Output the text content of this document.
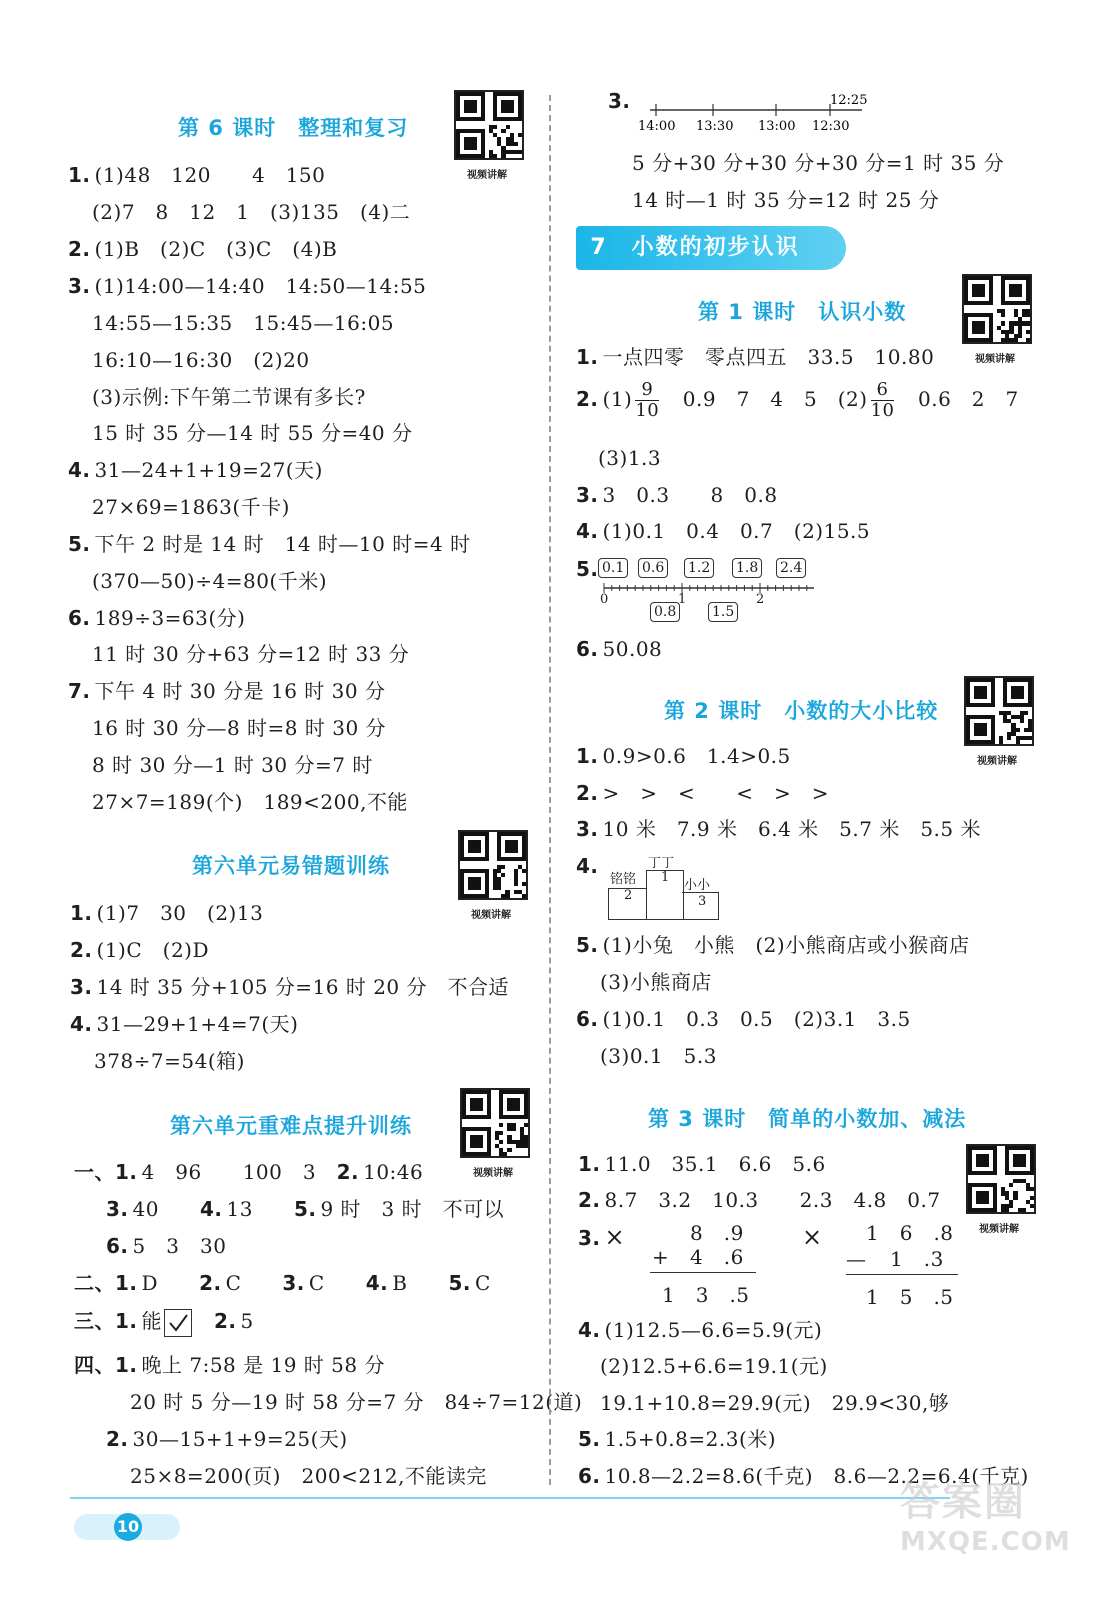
第 6 课时　整理和复习
视频讲解
1. (1)48　120　　4　150
(2)7　8　12　1　(3)135　(4)二
2. (1)B　(2)C　(3)C　(4)B
3. (1)14:00—14:40　14:50—14:55
14:55—15:35　15:45—16:05
16:10—16:30　(2)20
(3)示例:下午第二节课有多长?
15 时 35 分—14 时 55 分=40 分
4. 31—24+1+19=27(天)
27×69=1863(千卡)
5. 下午 2 时是 14 时　14 时—10 时=4 时
(370—50)÷4=80(千米)
6. 189÷3=63(分)
11 时 30 分+63 分=12 时 33 分
7. 下午 4 时 30 分是 16 时 30 分
16 时 30 分—8 时=8 时 30 分
8 时 30 分—1 时 30 分=7 时
27×7=189(个)　189<200,不能
第六单元易错题训练
视频讲解
1. (1)7　30　(2)13
2. (1)C　(2)D
3. 14 时 35 分+105 分=16 时 20 分　不合适
4. 31—29+1+4=7(天)
378÷7=54(箱)
第六单元重难点提升训练
视频讲解
一、1. 4　96　　100　3　2. 10:46
3. 40　　4. 13　　5. 9 时　3 时　不可以
6. 5　3　30
二、1. D　　2. C　　3. C　　4. B　　5. C
三、1. 能	2. 5
四、1. 晚上 7:58 是 19 时 58 分
20 时 5 分—19 时 58 分=7 分　84÷7=12(道)
2. 30—15+1+9=25(天)
25×8=200(页)　200<212,不能读完
3.
14:00 13:30 13:00 12:30
12:25
5 分+30 分+30 分+30 分=1 时 35 分
14 时—1 时 35 分=12 时 25 分
7 小数的初步认识
第 1 课时　认识小数
视频讲解
1. 一点四零　零点四五　33.5　10.80
2. $(1) \frac{9}{10}$
　 0.9　7　4　5　$(2) \frac{6}{10}$
　 0.6　2　7
(3)1.3
3. 3　0.3　　8　0.8
4. (1)0.1　0.4　0.7　(2)15.5
5. 0.1 0.6 1.2 1.8 2.4
0	1	2
0.8	1.5
6. 50.08
第 2 课时　小数的大小比较
视频讲解
1. 0.9>0.6　1.4>0.5
2. >　>　<　　<　>　>
3. 10 米　7.9 米　6.4 米　5.7 米　5.5 米
4.
铭铭
丁丁
小小
2
1
3
5. (1)小兔　小熊　(2)小熊商店或小猴商店
(3)小熊商店
6. (1)0.1　0.3　0.5　(2)3.1　3.5
(3)0.1　5.3
第 3 课时　简单的小数加、减法
视频讲解
1. 11.0　35.1　6.6　5.6
2. 8.7　3.2　10.3　　2.3　4.8　0.7
3. ×	8　.9
+ 4　.6
1　3　.5
× 1　6　.8
— 1　.3
1　5　.5
4. (1)12.5—6.6=5.9(元)
(2)12.5+6.6=19.1(元)
19.1+10.8=29.9(元)　29.9<30,够
5. 1.5+0.8=2.3(米)
6. 10.8—2.2=8.6(千克)　8.6—2.2=6.4(千克)
10
答案圈
MXQE.COM
